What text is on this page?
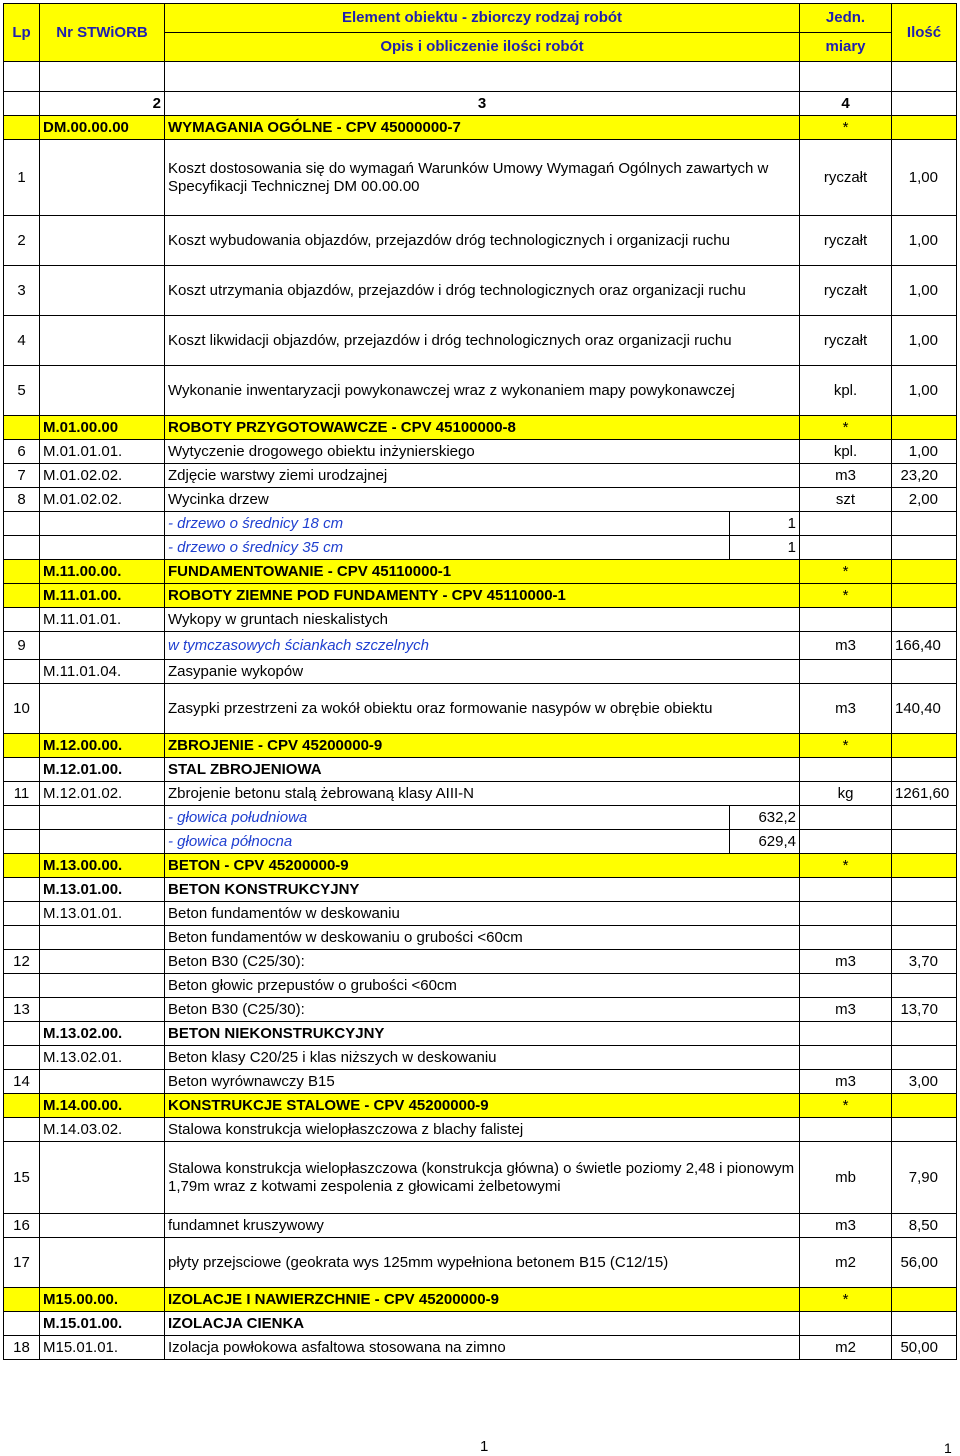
Lp	Nr STWiORB	Element obiektu - zbiorczy rodzaj robót		Jedn.	Ilość
		Opis i obliczenie ilości robót		miary	

	2	3		4	
	DM.00.00.00	WYMAGANIA OGÓLNE - CPV 45000000-7		*	
1		Koszt dostosowania się do wymagań Warunków Umowy Wymagań Ogólnych zawartych w Specyfikacji Technicznej DM 00.00.00		ryczałt	1,00
2		Koszt wybudowania objazdów, przejazdów dróg technologicznych i organizacji ruchu		ryczałt	1,00
3		Koszt utrzymania objazdów, przejazdów i dróg technologicznych oraz organizacji ruchu		ryczałt	1,00
4		Koszt likwidacji objazdów, przejazdów i dróg technologicznych oraz organizacji ruchu		ryczałt	1,00
5		Wykonanie inwentaryzacji powykonawczej wraz z wykonaniem mapy powykonawczej		kpl.	1,00
	M.01.00.00	ROBOTY PRZYGOTOWAWCZE - CPV 45100000-8		*	
6	M.01.01.01.	Wytyczenie drogowego obiektu inżynierskiego		kpl.	1,00
7	M.01.02.02.	Zdjęcie warstwy ziemi urodzajnej		m3	23,20
8	M.01.02.02.	Wycinka drzew		szt	2,00
		- drzewo o średnicy 18 cm	1		
		- drzewo o średnicy 35 cm	1		
	M.11.00.00.	FUNDAMENTOWANIE - CPV 45110000-1		*	
	M.11.01.00.	ROBOTY ZIEMNE POD FUNDAMENTY - CPV 45110000-1		*	
	M.11.01.01.	Wykopy w gruntach nieskalistych			
9		w tymczasowych ściankach szczelnych		m3	166,40
	M.11.01.04.	Zasypanie wykopów			
10		Zasypki przestrzeni za wokół obiektu oraz formowanie nasypów w obrębie obiektu		m3	140,40
	M.12.00.00.	ZBROJENIE - CPV 45200000-9		*	
	M.12.01.00.	STAL ZBROJENIOWA			
11	M.12.01.02.	Zbrojenie betonu stalą żebrowaną klasy AIII-N		kg	1261,60
		- głowica południowa	632,2		
		- głowica północna	629,4		
	M.13.00.00.	BETON - CPV 45200000-9		*	
	M.13.01.00.	BETON KONSTRUKCYJNY			
	M.13.01.01.	Beton fundamentów w deskowaniu			
		Beton fundamentów w deskowaniu o grubości <60cm			
12		Beton B30 (C25/30):		m3	3,70
		Beton głowic przepustów o grubości <60cm			
13		Beton B30 (C25/30):		m3	13,70
	M.13.02.00.	BETON NIEKONSTRUKCYJNY			
	M.13.02.01.	Beton klasy C20/25 i klas niższych w deskowaniu			
14		Beton wyrównawczy B15		m3	3,00
	M.14.00.00.	KONSTRUKCJE STALOWE - CPV 45200000-9		*	
	M.14.03.02.	Stalowa konstrukcja wielopłaszczowa z blachy falistej			
15		Stalowa konstrukcja wielopłaszczowa (konstrukcja główna) o świetle poziomy 2,48 i pionowym 1,79m wraz z kotwami zespolenia z głowicami żelbetowymi		mb	7,90
16		fundamnet kruszywowy		m3	8,50
17		płyty przejsciowe (geokrata wys 125mm wypełniona betonem B15 (C12/15)		m2	56,00
	M15.00.00.	IZOLACJE I NAWIERZCHNIE - CPV 45200000-9		*	
	M.15.01.00.	IZOLACJA CIENKA			
18	M15.01.01.	Izolacja powłokowa asfaltowa stosowana na zimno		m2	50,00
1	1
